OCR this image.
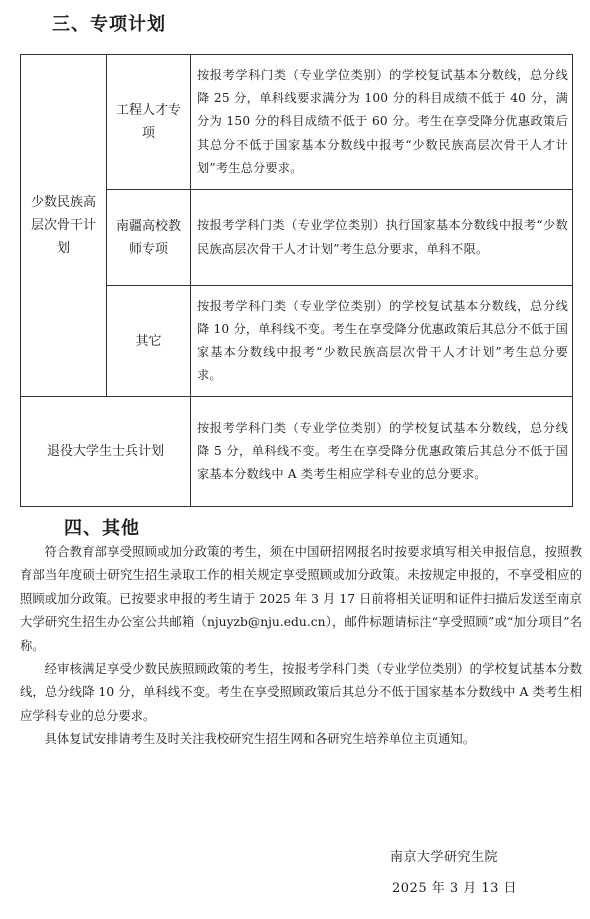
三、专项计划
少数民族高层次骨干计划	工程人才专项	按报考学科门类（专业学位类别）的学校复试基本分数线，总分线降 25 分，单科线要求满分为 100 分的科目成绩不低于 40 分，满分为 150 分的科目成绩不低于 60 分。考生在享受降分优惠政策后其总分不低于国家基本分数线中报考“少数民族高层次骨干人才计划”考生总分要求。
	南疆高校教师专项	按报考学科门类（专业学位类别）执行国家基本分数线中报考“少数民族高层次骨干人才计划”考生总分要求，单科不限。
	其它	按报考学科门类（专业学位类别）的学校复试基本分数线，总分线降 10 分，单科线不变。考生在享受降分优惠政策后其总分不低于国家基本分数线中报考“少数民族高层次骨干人才计划”考生总分要求。
退役大学生士兵计划		按报考学科门类（专业学位类别）的学校复试基本分数线，总分线降 5 分，单科线不变。考生在享受降分优惠政策后其总分不低于国家基本分数线中 A 类考生相应学科专业的总分要求。
四、其他

符合教育部享受照顾或加分政策的考生，须在中国研招网报名时按要求填写相关申报信息，按照教育部当年度硕士研究生招生录取工作的相关规定享受照顾或加分政策。未按规定申报的，不享受相应的照顾或加分政策。已按要求申报的考生请于 2025 年 3 月 17 日前将相关证明和证件扫描后发送至南京大学研究生招生办公室公共邮箱（njuyzb@nju.edu.cn），邮件标题请标注“享受照顾”或“加分项目”名称。

经审核满足享受少数民族照顾政策的考生，按报考学科门类（专业学位类别）的学校复试基本分数线，总分线降 10 分，单科线不变。考生在享受照顾政策后其总分不低于国家基本分数线中 A 类考生相应学科专业的总分要求。

具体复试安排请考生及时关注我校研究生招生网和各研究生培养单位主页通知。

南京大学研究生院
2025 年 3 月 13 日
